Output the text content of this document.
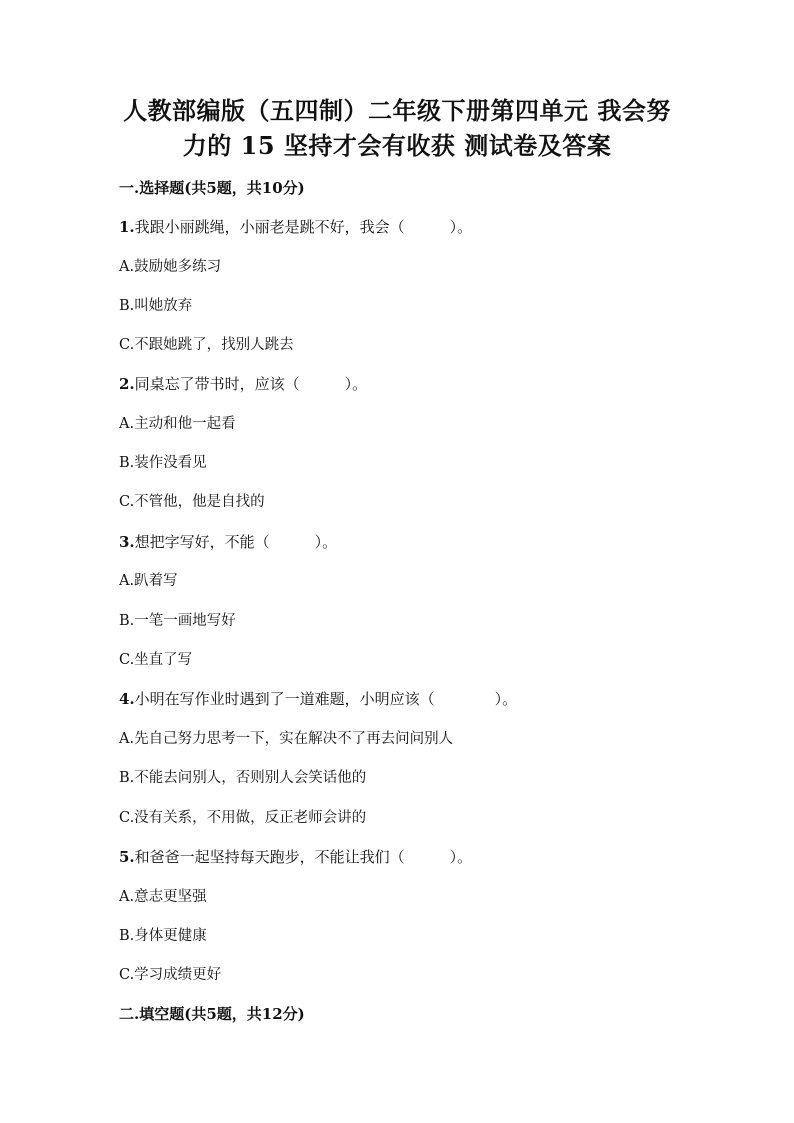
人教部编版（五四制）二年级下册第四单元 我会努
力的 15 坚持才会有收获 测试卷及答案
一.选择题(共5题，共10分)
1.我跟小丽跳绳，小丽老是跳不好，我会（　　　）。
A.鼓励她多练习
B.叫她放弃
C.不跟她跳了，找别人跳去
2.同桌忘了带书时，应该（　　　）。
A.主动和他一起看
B.装作没看见
C.不管他，他是自找的
3.想把字写好，不能（　　　）。
A.趴着写
B.一笔一画地写好
C.坐直了写
4.小明在写作业时遇到了一道难题，小明应该（　　　　）。
A.先自己努力思考一下，实在解决不了再去问问别人
B.不能去问别人，否则别人会笑话他的
C.没有关系，不用做，反正老师会讲的
5.和爸爸一起坚持每天跑步，不能让我们（　　　）。
A.意志更坚强
B.身体更健康
C.学习成绩更好
二.填空题(共5题，共12分)
